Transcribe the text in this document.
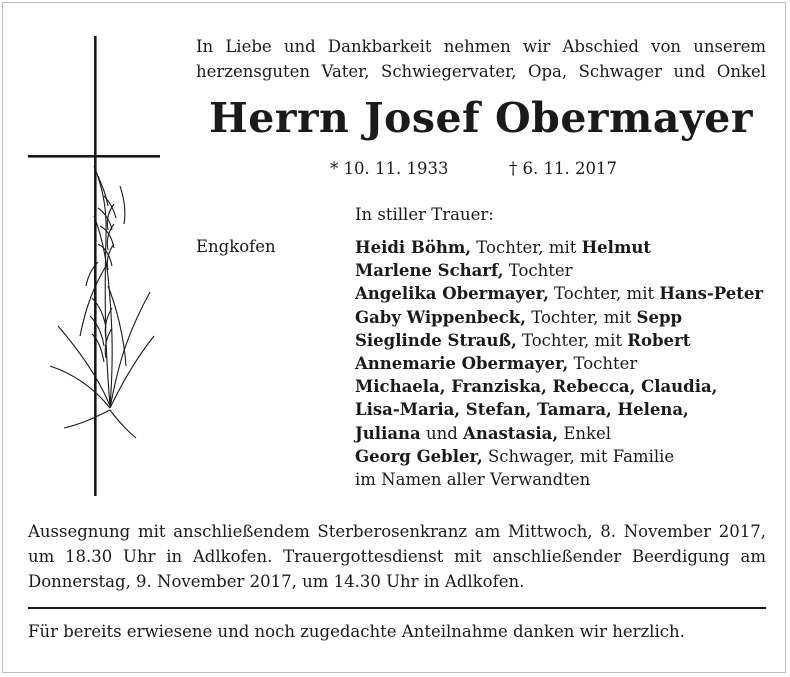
In Liebe und Dankbarkeit nehmen wir Abschied von unserem
herzensguten Vater, Schwiegervater, Opa, Schwager und Onkel
Herrn Josef Obermayer
* 10. 11. 1933	† 6. 11. 2017
In stiller Trauer:
Engkofen	Heidi Böhm, Tochter, mit Helmut
Marlene Scharf, Tochter
Angelika Obermayer, Tochter, mit Hans-Peter
Gaby Wippenbeck, Tochter, mit Sepp
Sieglinde Strauß, Tochter, mit Robert
Annemarie Obermayer, Tochter
Michaela, Franziska, Rebecca, Claudia,
Lisa-Maria, Stefan, Tamara, Helena,
Juliana und Anastasia, Enkel
Georg Gebler, Schwager, mit Familie
im Namen aller Verwandten
Aussegnung mit anschließendem Sterberosenkranz am Mittwoch, 8. November 2017,
um 18.30 Uhr in Adlkofen. Trauergottesdienst mit anschließender Beerdigung am
Donnerstag, 9. November 2017, um 14.30 Uhr in Adlkofen.
Für bereits erwiesene und noch zugedachte Anteilnahme danken wir herzlich.
